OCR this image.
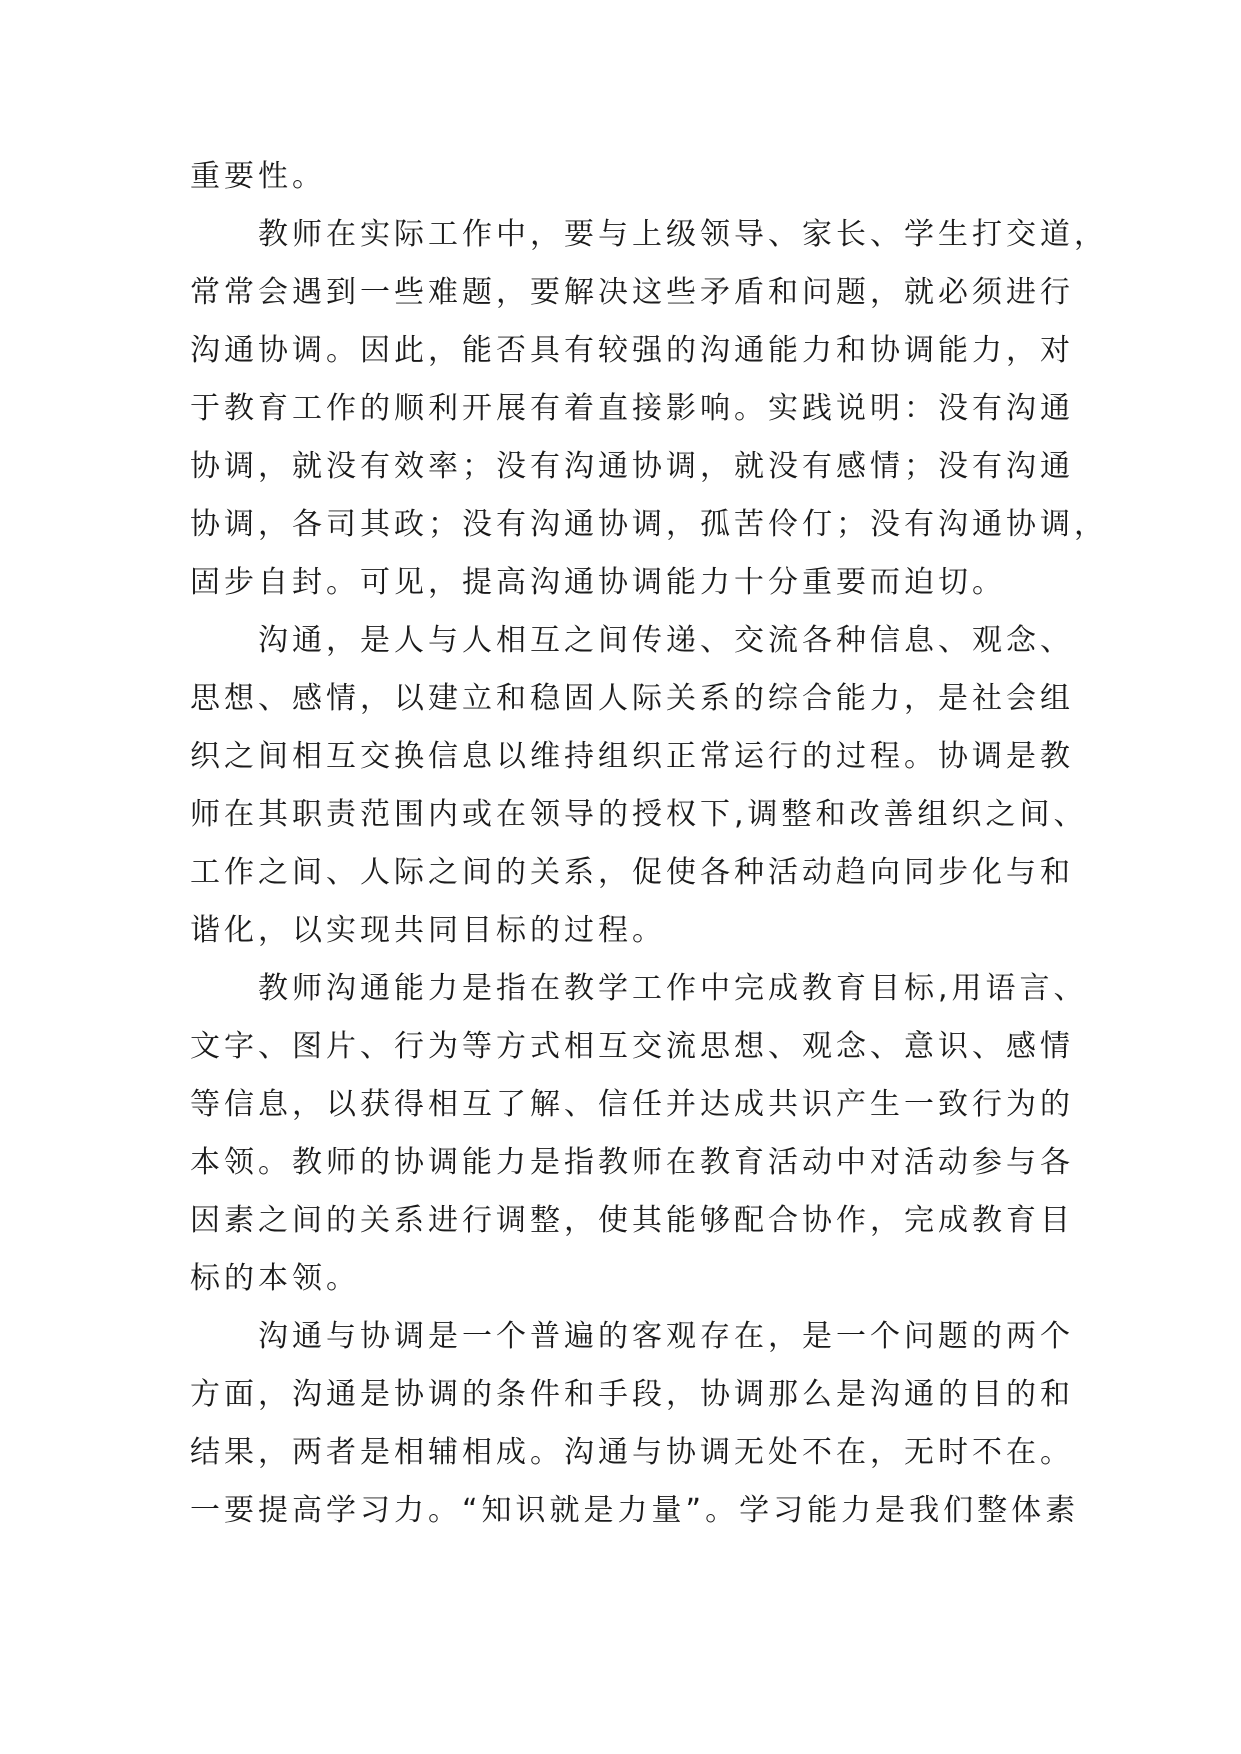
重要性。
　　教师在实际工作中，要与上级领导、家长、学生打交道，
常常会遇到一些难题，要解决这些矛盾和问题，就必须进行
沟通协调。因此，能否具有较强的沟通能力和协调能力，对
于教育工作的顺利开展有着直接影响。实践说明：没有沟通
协调，就没有效率；没有沟通协调，就没有感情；没有沟通
协调，各司其政；没有沟通协调，孤苦伶仃；没有沟通协调，
固步自封。可见，提高沟通协调能力十分重要而迫切。
　　沟通，是人与人相互之间传递、交流各种信息、观念、
思想、感情，以建立和稳固人际关系的综合能力，是社会组
织之间相互交换信息以维持组织正常运行的过程。协调是教
师在其职责范围内或在领导的授权下,调整和改善组织之间、
工作之间、人际之间的关系，促使各种活动趋向同步化与和
谐化，以实现共同目标的过程。
　　教师沟通能力是指在教学工作中完成教育目标,用语言、
文字、图片、行为等方式相互交流思想、观念、意识、感情
等信息，以获得相互了解、信任并达成共识产生一致行为的
本领。教师的协调能力是指教师在教育活动中对活动参与各
因素之间的关系进行调整，使其能够配合协作，完成教育目
标的本领。
　　沟通与协调是一个普遍的客观存在，是一个问题的两个
方面，沟通是协调的条件和手段，协调那么是沟通的目的和
结果，两者是相辅相成。沟通与协调无处不在，无时不在。
一要提高学习力。“知识就是力量”。学习能力是我们整体素
